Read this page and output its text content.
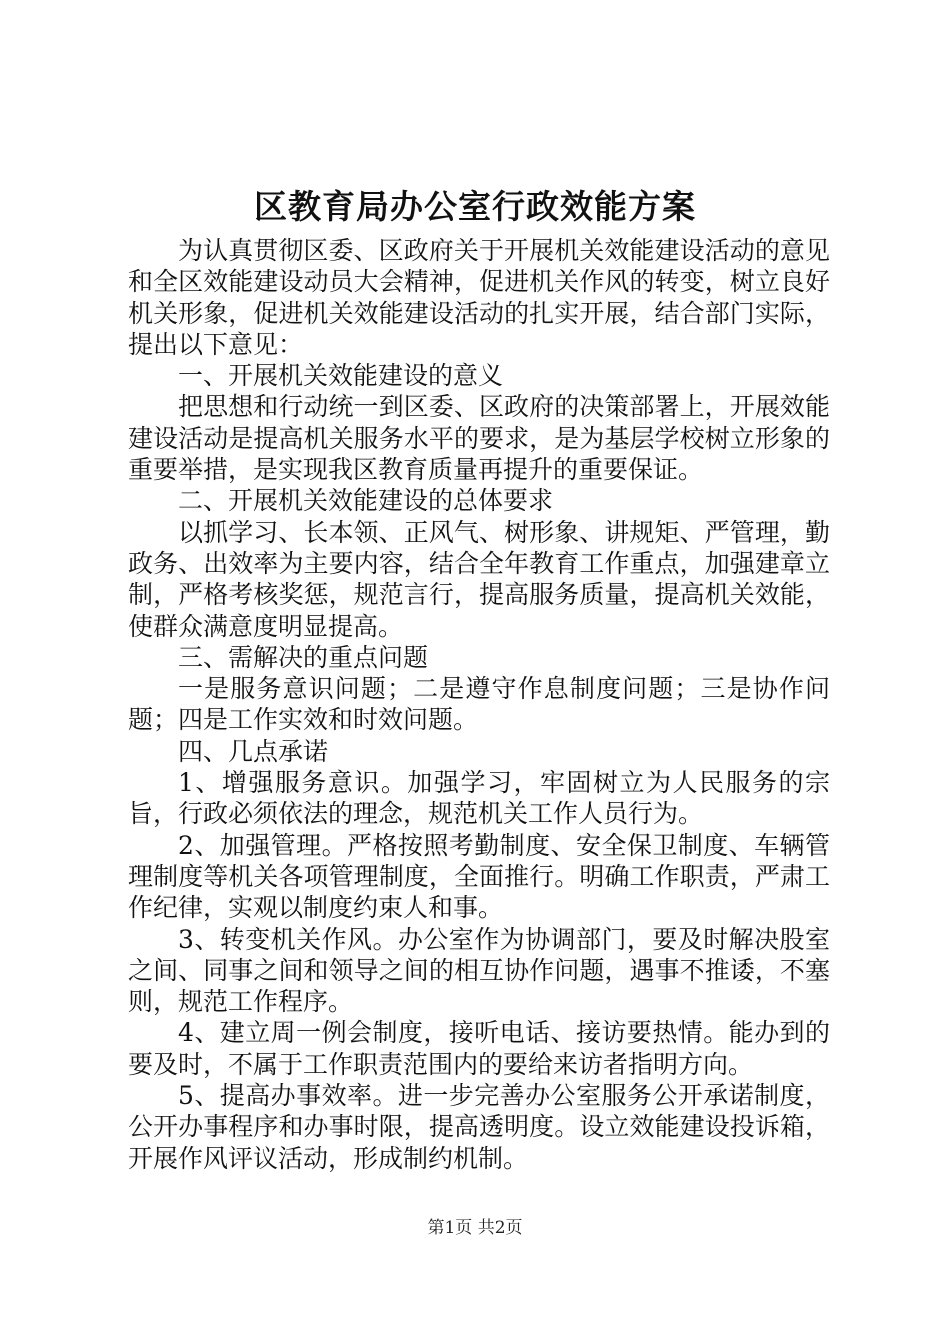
区教育局办公室行政效能方案

为认真贯彻区委、区政府关于开展机关效能建设活动的意见和全区效能建设动员大会精神，促进机关作风的转变，树立良好机关形象，促进机关效能建设活动的扎实开展，结合部门实际，提出以下意见：

一、开展机关效能建设的意义

把思想和行动统一到区委、区政府的决策部署上，开展效能建设活动是提高机关服务水平的要求，是为基层学校树立形象的重要举措，是实现我区教育质量再提升的重要保证。

二、开展机关效能建设的总体要求

以抓学习、长本领、正风气、树形象、讲规矩、严管理，勤政务、出效率为主要内容，结合全年教育工作重点，加强建章立制，严格考核奖惩，规范言行，提高服务质量，提高机关效能，使群众满意度明显提高。

三、需解决的重点问题

一是服务意识问题；二是遵守作息制度问题；三是协作问题；四是工作实效和时效问题。

四、几点承诺

1、增强服务意识。加强学习，牢固树立为人民服务的宗旨，行政必须依法的理念，规范机关工作人员行为。

2、加强管理。严格按照考勤制度、安全保卫制度、车辆管理制度等机关各项管理制度，全面推行。明确工作职责，严肃工作纪律，实观以制度约束人和事。

3、转变机关作风。办公室作为协调部门，要及时解决股室之间、同事之间和领导之间的相互协作问题，遇事不推诿，不塞则，规范工作程序。

4、建立周一例会制度，接听电话、接访要热情。能办到的要及时，不属于工作职责范围内的要给来访者指明方向。

5、提高办事效率。进一步完善办公室服务公开承诺制度，公开办事程序和办事时限，提高透明度。设立效能建设投诉箱，开展作风评议活动，形成制约机制。

第1页 共2页
